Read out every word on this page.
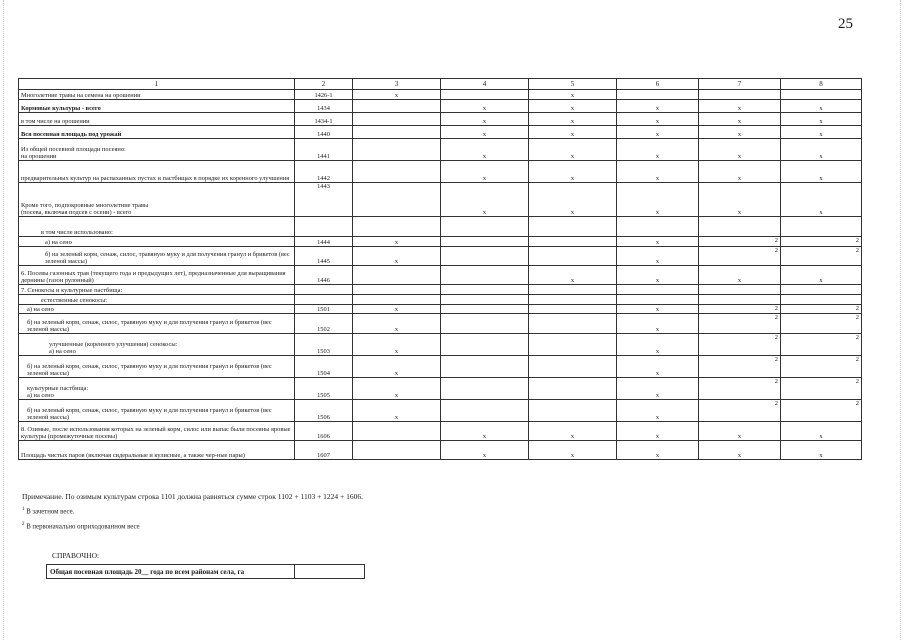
25
1	2	3	4	5	6	7	8
Многолетние травы на семена на орошении	1426-1	x		x			
Кормовые культуры - всего	1434		x	x	x	x	x
в том числе на орошении	1434-1		x	x	x	x	x
Вся посевная площадь под урожай	1440		x	x	x	x	x
Из общей посевной площади посеяно:
на орошении	1441		x	x	x	x	x
предварительных культур на распаханных пустах и пастбищах в порядке их коренного улучшения	1442		x	x	x	x	x
Кроме того, подпокровные многолетние травы
(посева, включая подсев с осени) - всего	1443		x	x	x	x	x
в том числе использовано:							
а) на сено	1444	x			x	2	2
б) на зеленый корм, сенаж, силос, травяную муку и для получения гранул и брикетов (вес зеленой массы)	1445	x			x	2	2
6. Посевы газонных трав (текущего года и предыдущих лет), предназначенные для выращивания дернины (газон рулонный)	1446			x	x	x	x
7. Сенокосы и культурные пастбища:							
естественные сенокосы:							
а) на сено	1501	x			x	2	2
б) на зеленый корм, сенаж, силос, травяную муку и для получения гранул и брикетов (вес зеленой массы)	1502	x			x	2	2
улучшенные (коренного улучшения) сенокосы:
а) на сено	1503	x			x	2	2
б) на зеленый корм, сенаж, силос, травяную муку и для получения гранул и брикетов (вес зеленой массы)	1504	x			x	2	2
культурные пастбища:
а) на сено	1505	x			x	2	2
б) на зеленый корм, сенаж, силос, травяную муку и для получения гранул и брикетов (вес зеленой массы)	1506	x			x	2	2
8. Озимые, после использования которых на зеленый корм, силос или выпас были посеяны яровые культуры (промежуточные посевы)	1606		x	x	x	x	x
Площадь чистых паров (включая сидеральные и кулисные, а также чер-ные пары)	1607		x	x	x	x	x
Примечание. По озимым культурам строка 1101 должна равняться сумме строк 1102 + 1103 + 1224 + 1606.
$^1$ В зачетном весе.
$^2$ В первоначально оприходованном весе
СПРАВОЧНО:
Общая посевная площадь 20__ года по всем районам села, га	
